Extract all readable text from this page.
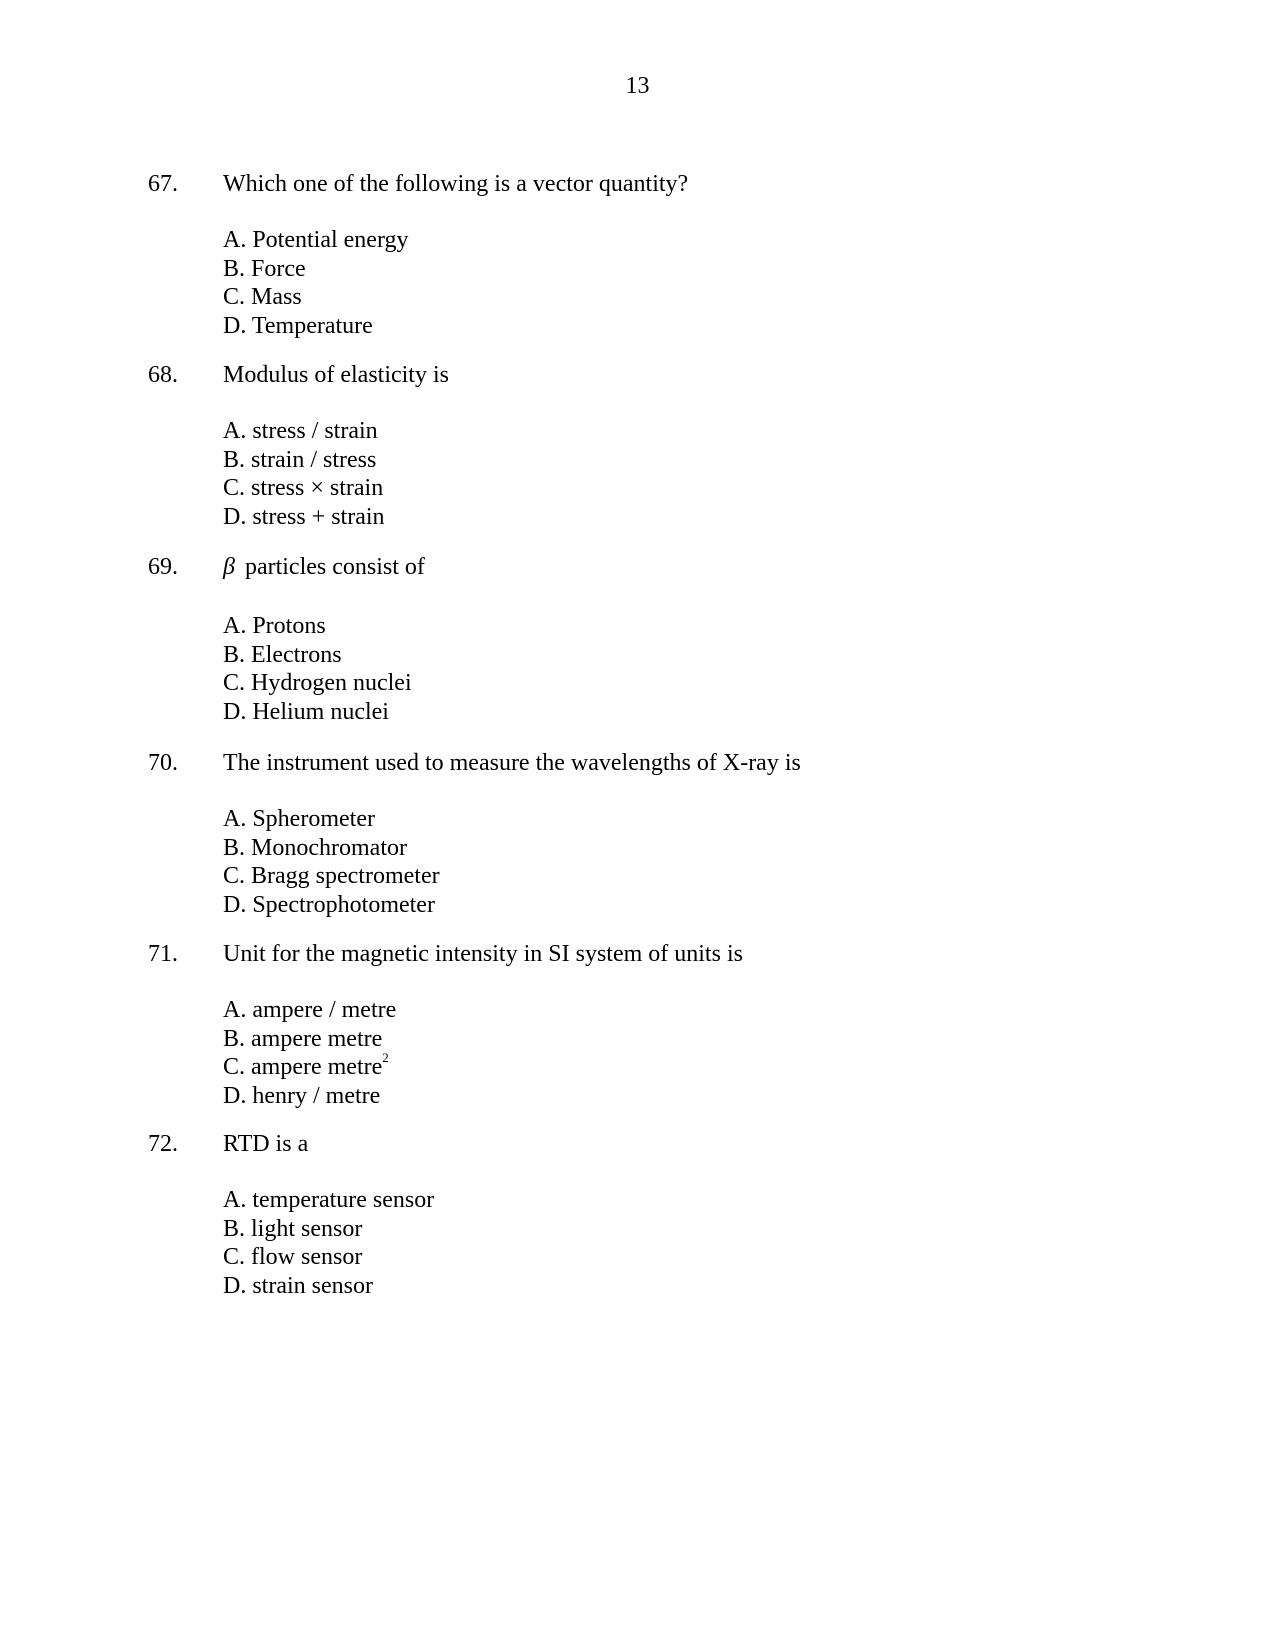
13
67. Which one of the following is a vector quantity?
A. Potential energy
B. Force
C. Mass
D. Temperature
68. Modulus of elasticity is
A. stress / strain
B. strain / stress
C. stress × strain
D. stress + strain
69. β particles consist of
A. Protons
B. Electrons
C. Hydrogen nuclei
D. Helium nuclei
70. The instrument used to measure the wavelengths of X-ray is
A. Spherometer
B. Monochromator
C. Bragg spectrometer
D. Spectrophotometer
71. Unit for the magnetic intensity in SI system of units is
A. ampere / metre
B. ampere metre
C. ampere metre$^2$
D. henry / metre
72. RTD is a
A. temperature sensor
B. light sensor
C. flow sensor
D. strain sensor
